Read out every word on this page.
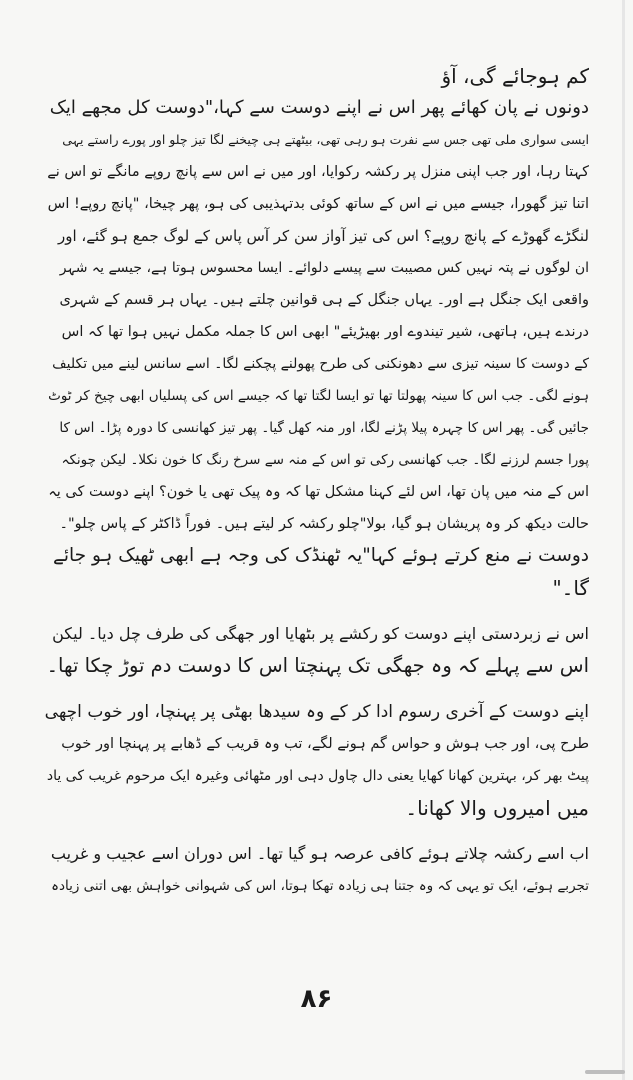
کم ہوجائے گی، آؤ

دونوں نے پان کھائے پھر اس نے اپنے دوست سے کہا،"دوست کل مجھے ایک
ایسی سواری ملی تھی جس سے نفرت ہو رہی تھی، بیٹھتے ہی چیخنے لگا تیز چلو اور پورے راستے یہی
کہتا رہا، اور جب اپنی منزل پر رکشہ رکوایا، اور میں نے اس سے پانچ روپے مانگے تو اس نے
اتنا تیز گھورا، جیسے میں نے اس کے ساتھ کوئی بدتہذیبی کی ہو، پھر چیخا، "پانچ روپے! اس
لنگڑے گھوڑے کے پانچ روپے؟ اس کی تیز آواز سن کر آس پاس کے لوگ جمع ہو گئے، اور
ان لوگوں نے پتہ نہیں کس مصیبت سے پیسے دلوائے۔ ایسا محسوس ہوتا ہے، جیسے یہ شہر
واقعی ایک جنگل ہے اور۔ یہاں جنگل کے ہی قوانین چلتے ہیں۔ یہاں ہر قسم کے شہری
درندے ہیں، ہاتھی، شیر تیندوے اور بھیڑیئے" ابھی اس کا جملہ مکمل نہیں ہوا تھا کہ اس
کے دوست کا سینہ تیزی سے دھونکنی کی طرح پھولنے پچکنے لگا۔ اسے سانس لینے میں تکلیف
ہونے لگی۔ جب اس کا سینہ پھولتا تھا تو ایسا لگتا تھا کہ جیسے اس کی پسلیاں ابھی چیخ کر ٹوٹ
جائیں گی۔ پھر اس کا چہرہ پیلا پڑنے لگا، اور منہ کھل گیا۔ پھر تیز کھانسی کا دورہ پڑا۔ اس کا
پورا جسم لرزنے لگا۔ جب کھانسی رکی تو اس کے منہ سے سرخ رنگ کا خون نکلا۔ لیکن چونکہ
اس کے منہ میں پان تھا، اس لئے کہنا مشکل تھا کہ وہ پیک تھی یا خون؟ اپنے دوست کی یہ
حالت دیکھ کر وہ پریشان ہو گیا، بولا"چلو رکشہ کر لیتے ہیں۔ فوراً ڈاکٹر کے پاس چلو"۔

دوست نے منع کرتے ہوئے کہا"یہ ٹھنڈک کی وجہ ہے ابھی ٹھیک ہو جائے
گا۔"

اس نے زبردستی اپنے دوست کو رکشے پر بٹھایا اور جھگی کی طرف چل دیا۔ لیکن
اس سے پہلے کہ وہ جھگی تک پہنچتا اس کا دوست دم توڑ چکا تھا۔

اپنے دوست کے آخری رسوم ادا کر کے وہ سیدھا بھٹی پر پہنچا، اور خوب اچھی
طرح پی، اور جب ہوش و حواس گم ہونے لگے، تب وہ قریب کے ڈھابے پر پہنچا اور خوب
پیٹ بھر کر، بہترین کھانا کھایا یعنی دال چاول دہی اور مٹھائی وغیرہ ایک مرحوم غریب کی یاد
میں امیروں والا کھانا۔

اب اسے رکشہ چلاتے ہوئے کافی عرصہ ہو گیا تھا۔ اس دوران اسے عجیب و غریب
تجربے ہوئے، ایک تو یہی کہ وہ جتنا ہی زیادہ تھکا ہوتا، اس کی شہوانی خواہش بھی اتنی زیادہ

۸۶
